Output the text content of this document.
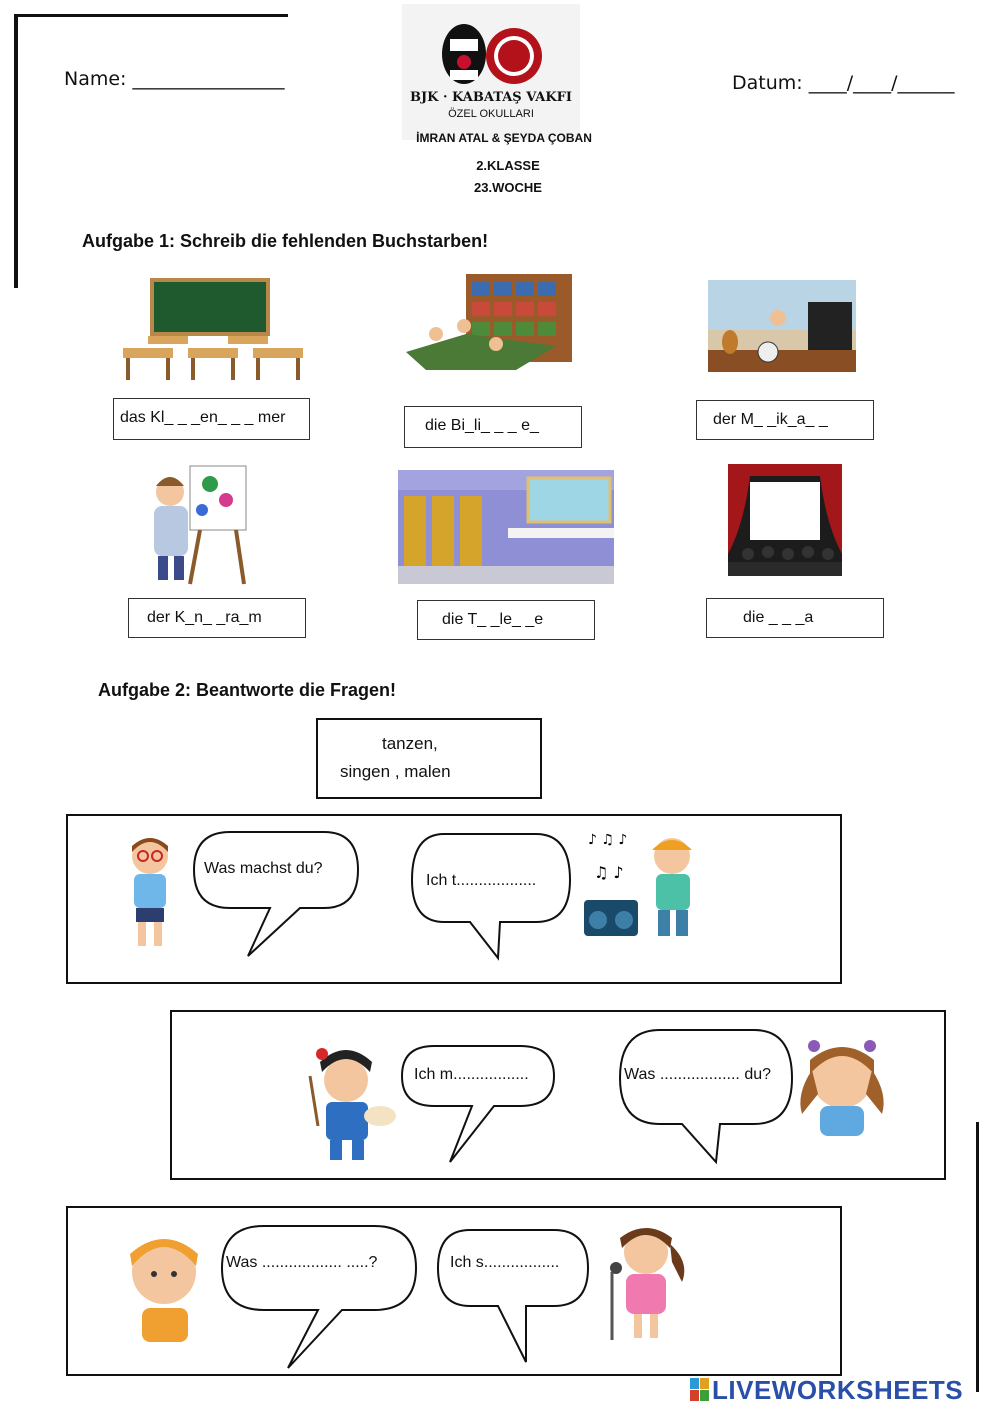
Name: ________________	Datum: ____/____/______
BJK · KABATAŞ VAKFI
ÖZEL OKULLARI
İMRAN ATAL & ŞEYDA ÇOBAN
2.KLASSE
23.WOCHE
Aufgabe 1: Schreib die fehlenden Buchstarben!
das Kl_ _ _en_ _ _ mer	die Bi_li_ _ _ e_	der M_ _ik_a_ _
der K_n_ _ra_m	die T_ _le_ _e	die _ _ _a
Aufgabe 2: Beantworte die Fragen!
tanzen,
singen , malen
Was machst du?
Ich t..................
♪ ♫ ♪
♫ ♪
Ich m.................	Was .................. du?
Was .................. .....?	Ich s.................
LIVEWORKSHEETS
